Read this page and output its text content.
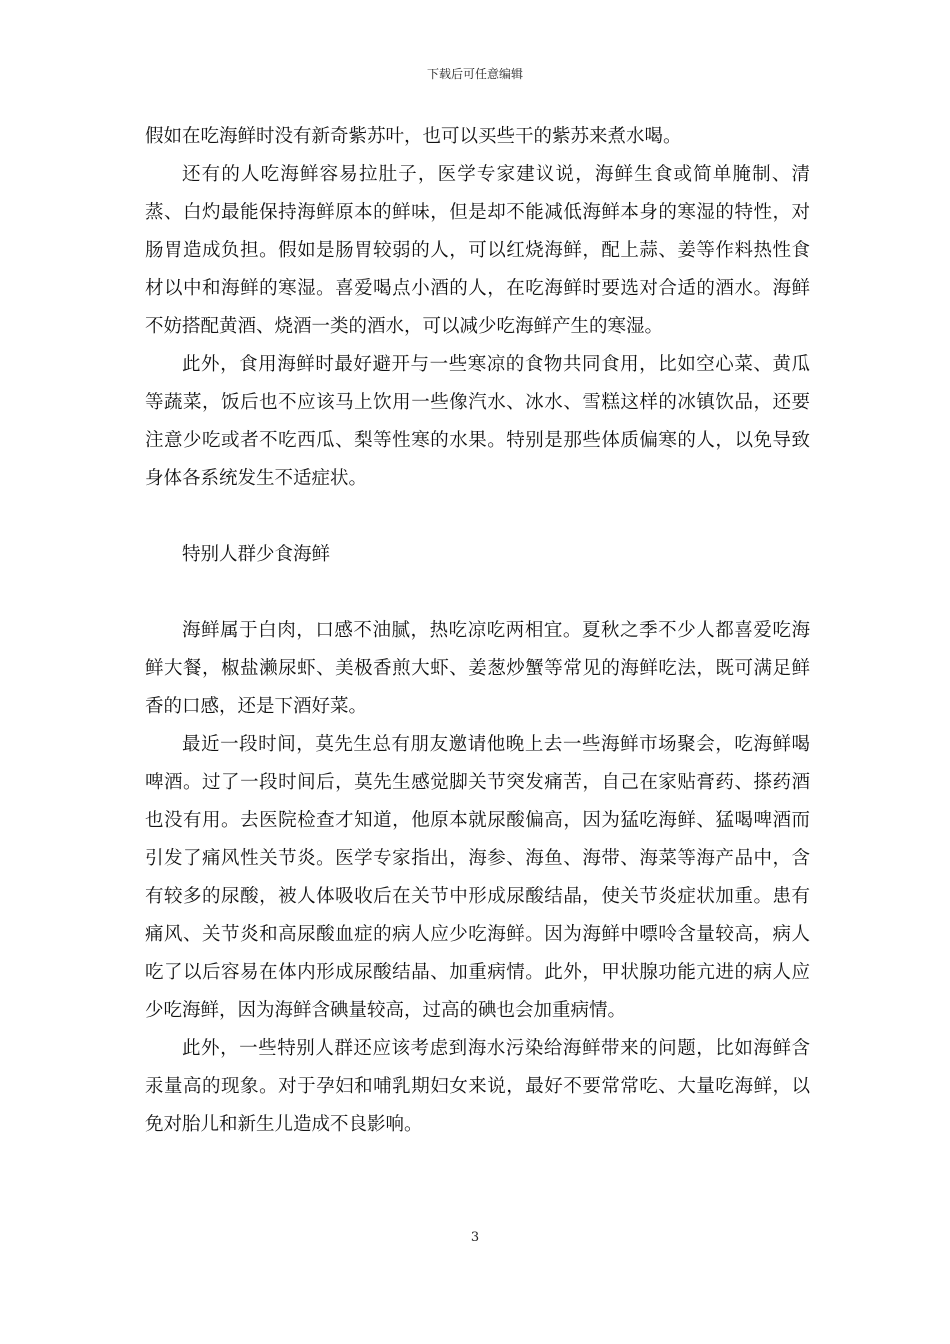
下载后可任意编辑

假如在吃海鲜时没有新奇紫苏叶，也可以买些干的紫苏来煮水喝。

还有的人吃海鲜容易拉肚子，医学专家建议说，海鲜生食或简单腌制、清蒸、白灼最能保持海鲜原本的鲜味，但是却不能减低海鲜本身的寒湿的特性，对肠胃造成负担。假如是肠胃较弱的人，可以红烧海鲜，配上蒜、姜等作料热性食材以中和海鲜的寒湿。喜爱喝点小酒的人，在吃海鲜时要选对合适的酒水。海鲜不妨搭配黄酒、烧酒一类的酒水，可以减少吃海鲜产生的寒湿。

此外，食用海鲜时最好避开与一些寒凉的食物共同食用，比如空心菜、黄瓜等蔬菜，饭后也不应该马上饮用一些像汽水、冰水、雪糕这样的冰镇饮品，还要注意少吃或者不吃西瓜、梨等性寒的水果。特别是那些体质偏寒的人，以免导致身体各系统发生不适症状。

特别人群少食海鲜

海鲜属于白肉，口感不油腻，热吃凉吃两相宜。夏秋之季不少人都喜爱吃海鲜大餐，椒盐濑尿虾、美极香煎大虾、姜葱炒蟹等常见的海鲜吃法，既可满足鲜香的口感，还是下酒好菜。

最近一段时间，莫先生总有朋友邀请他晚上去一些海鲜市场聚会，吃海鲜喝啤酒。过了一段时间后，莫先生感觉脚关节突发痛苦，自己在家贴膏药、搽药酒也没有用。去医院检查才知道，他原本就尿酸偏高，因为猛吃海鲜、猛喝啤酒而引发了痛风性关节炎。医学专家指出，海参、海鱼、海带、海菜等海产品中，含有较多的尿酸，被人体吸收后在关节中形成尿酸结晶，使关节炎症状加重。患有痛风、关节炎和高尿酸血症的病人应少吃海鲜。因为海鲜中嘌呤含量较高，病人吃了以后容易在体内形成尿酸结晶、加重病情。此外，甲状腺功能亢进的病人应少吃海鲜，因为海鲜含碘量较高，过高的碘也会加重病情。

此外，一些特别人群还应该考虑到海水污染给海鲜带来的问题，比如海鲜含汞量高的现象。对于孕妇和哺乳期妇女来说，最好不要常常吃、大量吃海鲜，以免对胎儿和新生儿造成不良影响。

3
